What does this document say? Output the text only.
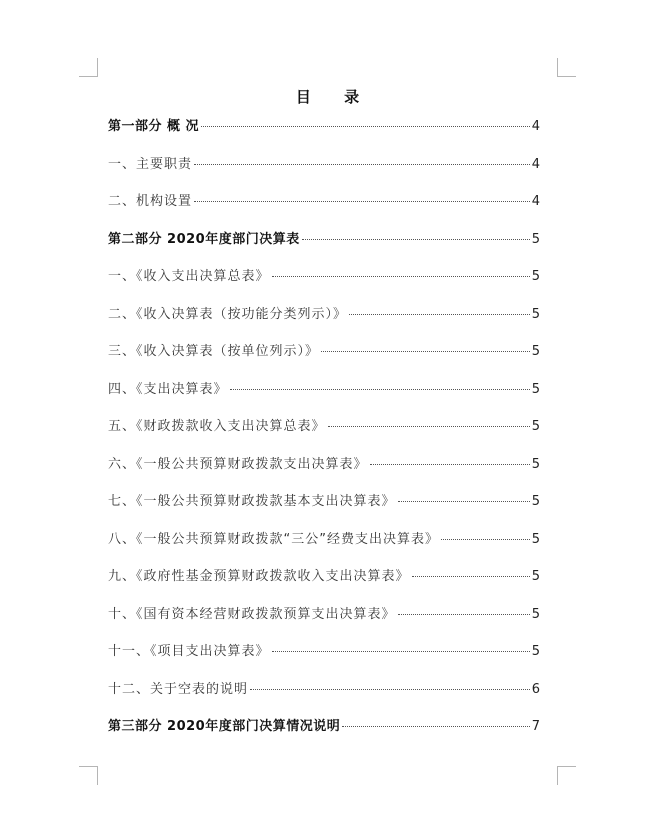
目 录
第一部分 概 况	4
一、主要职责	4
二、机构设置	4
第二部分 2020年度部门决算表	5
一、《收入支出决算总表》	5
二、《收入决算表（按功能分类列示）》	5
三、《收入决算表（按单位列示）》	5
四、《支出决算表》	5
五、《财政拨款收入支出决算总表》	5
六、《一般公共预算财政拨款支出决算表》	5
七、《一般公共预算财政拨款基本支出决算表》	5
八、《一般公共预算财政拨款“三公”经费支出决算表》	5
九、《政府性基金预算财政拨款收入支出决算表》	5
十、《国有资本经营财政拨款预算支出决算表》	5
十一、《项目支出决算表》	5
十二、关于空表的说明	6
第三部分 2020年度部门决算情况说明	7
